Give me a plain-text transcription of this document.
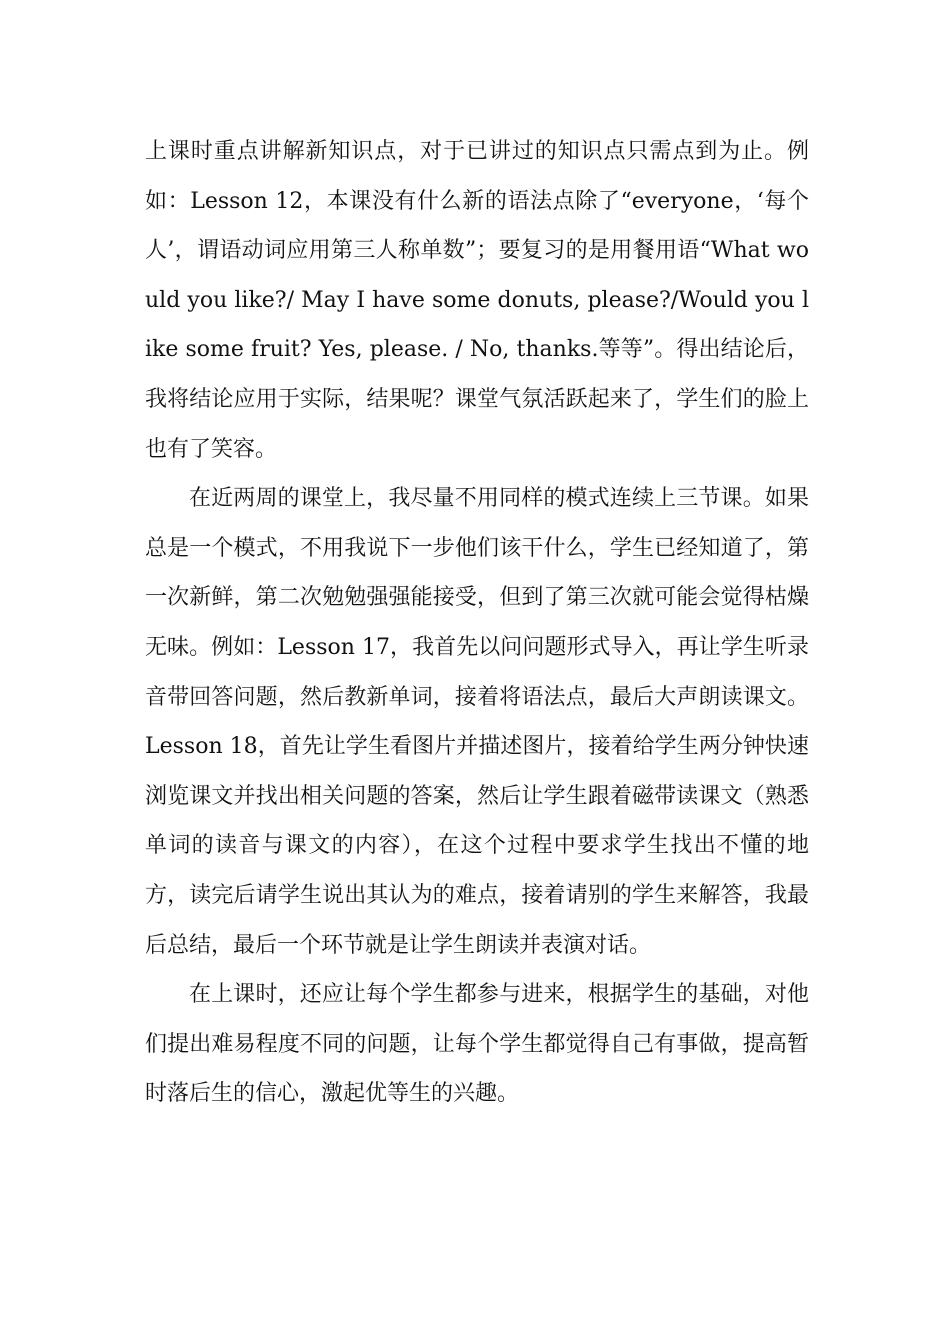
上课时重点讲解新知识点，对于已讲过的知识点只需点到为止。例如：Lesson 12，本课没有什么新的语法点除了“everyone，‘每个人’，谓语动词应用第三人称单数”；要复习的是用餐用语“What would you like?/ May I have some donuts, please?/Would you like some fruit? Yes, please. / No, thanks.等等”。得出结论后，我将结论应用于实际，结果呢？课堂气氛活跃起来了，学生们的脸上也有了笑容。

在近两周的课堂上，我尽量不用同样的模式连续上三节课。如果总是一个模式，不用我说下一步他们该干什么，学生已经知道了，第一次新鲜，第二次勉勉强强能接受，但到了第三次就可能会觉得枯燥无味。例如：Lesson 17，我首先以问问题形式导入，再让学生听录音带回答问题，然后教新单词，接着将语法点，最后大声朗读课文。Lesson 18，首先让学生看图片并描述图片，接着给学生两分钟快速浏览课文并找出相关问题的答案，然后让学生跟着磁带读课文（熟悉单词的读音与课文的内容），在这个过程中要求学生找出不懂的地方，读完后请学生说出其认为的难点，接着请别的学生来解答，我最后总结，最后一个环节就是让学生朗读并表演对话。

在上课时，还应让每个学生都参与进来，根据学生的基础，对他们提出难易程度不同的问题，让每个学生都觉得自己有事做，提高暂时落后生的信心，激起优等生的兴趣。
